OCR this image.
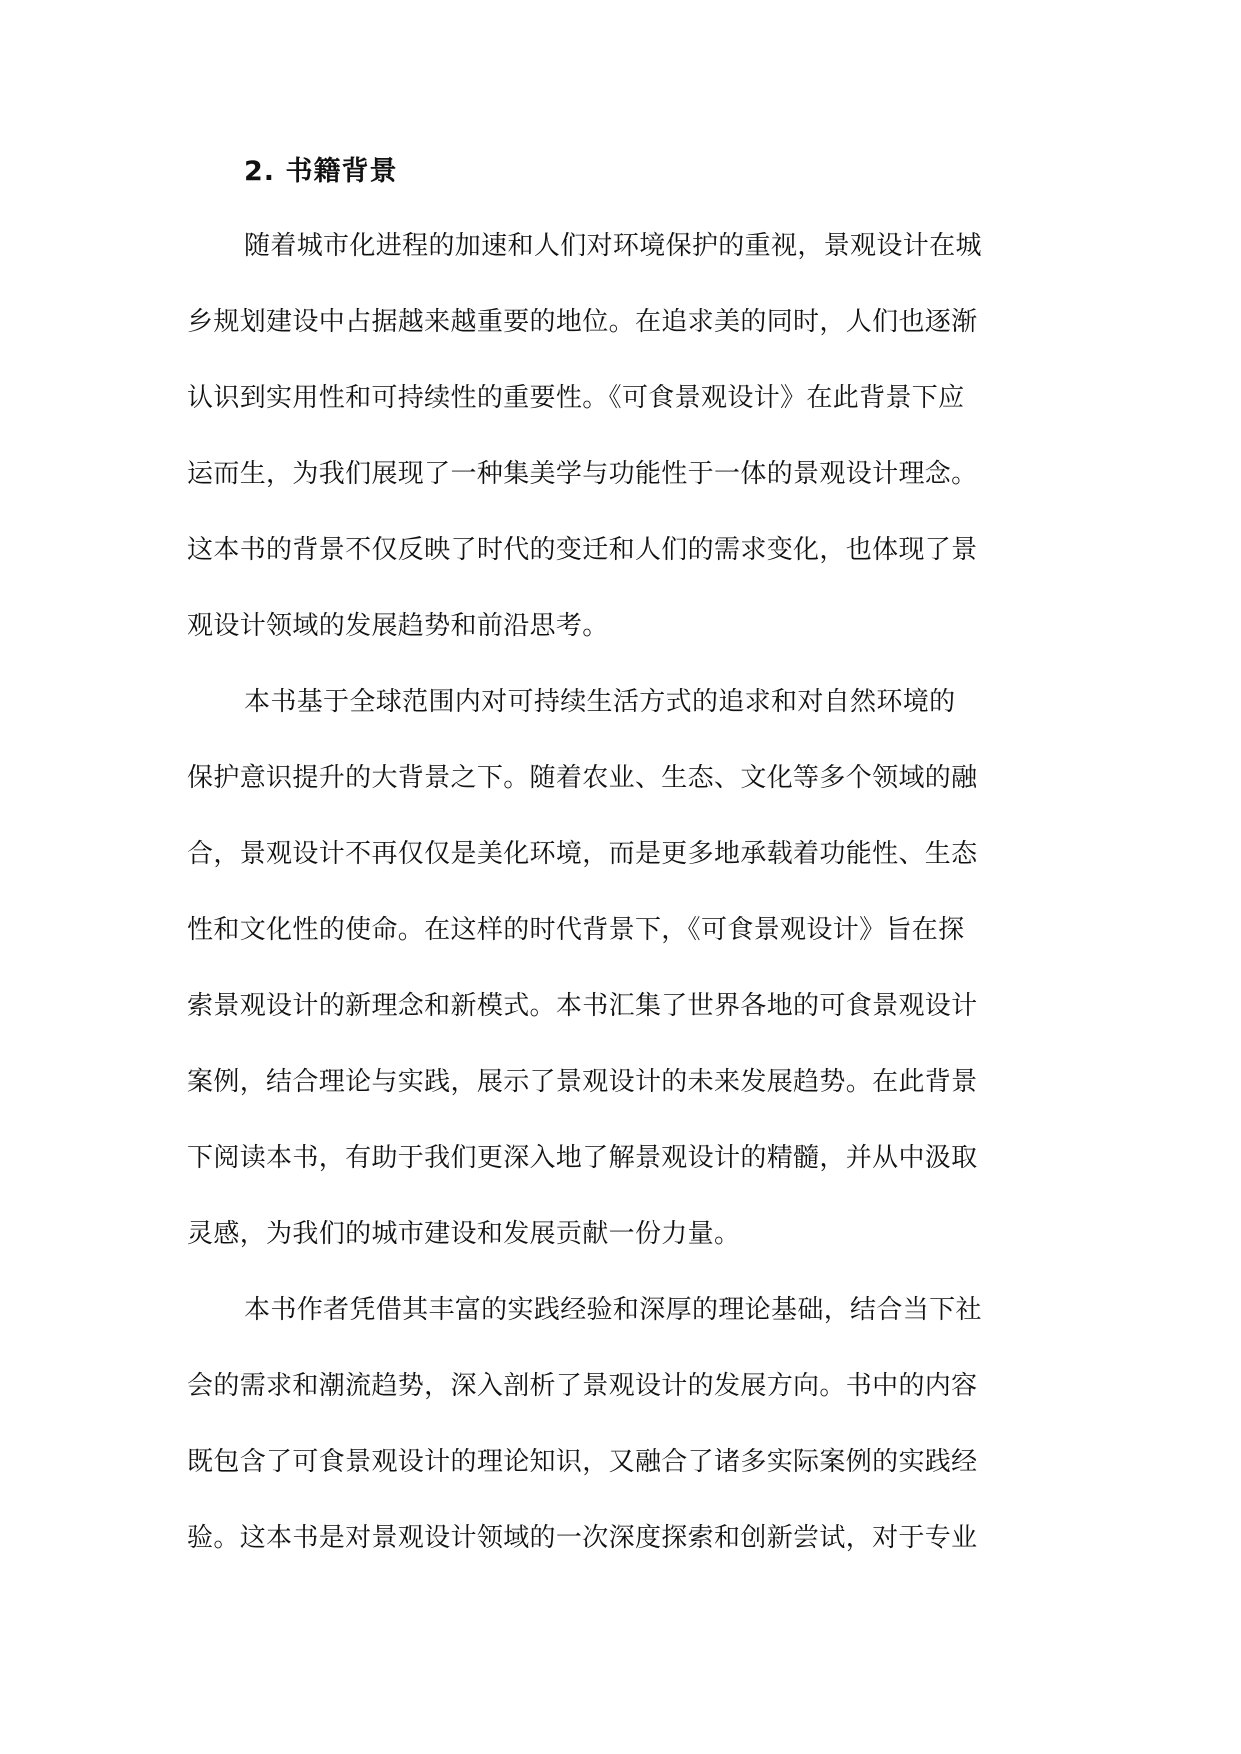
2. 书籍背景

随着城市化进程的加速和人们对环境保护的重视，景观设计在城
乡规划建设中占据越来越重要的地位。在追求美的同时，人们也逐渐
认识到实用性和可持续性的重要性。《可食景观设计》在此背景下应
运而生，为我们展现了一种集美学与功能性于一体的景观设计理念。
这本书的背景不仅反映了时代的变迁和人们的需求变化，也体现了景
观设计领域的发展趋势和前沿思考。

本书基于全球范围内对可持续生活方式的追求和对自然环境的
保护意识提升的大背景之下。随着农业、生态、文化等多个领域的融
合，景观设计不再仅仅是美化环境，而是更多地承载着功能性、生态
性和文化性的使命。在这样的时代背景下，《可食景观设计》旨在探
索景观设计的新理念和新模式。本书汇集了世界各地的可食景观设计
案例，结合理论与实践，展示了景观设计的未来发展趋势。在此背景
下阅读本书，有助于我们更深入地了解景观设计的精髓，并从中汲取
灵感，为我们的城市建设和发展贡献一份力量。

本书作者凭借其丰富的实践经验和深厚的理论基础，结合当下社
会的需求和潮流趋势，深入剖析了景观设计的发展方向。书中的内容
既包含了可食景观设计的理论知识，又融合了诸多实际案例的实践经
验。这本书是对景观设计领域的一次深度探索和创新尝试，对于专业
